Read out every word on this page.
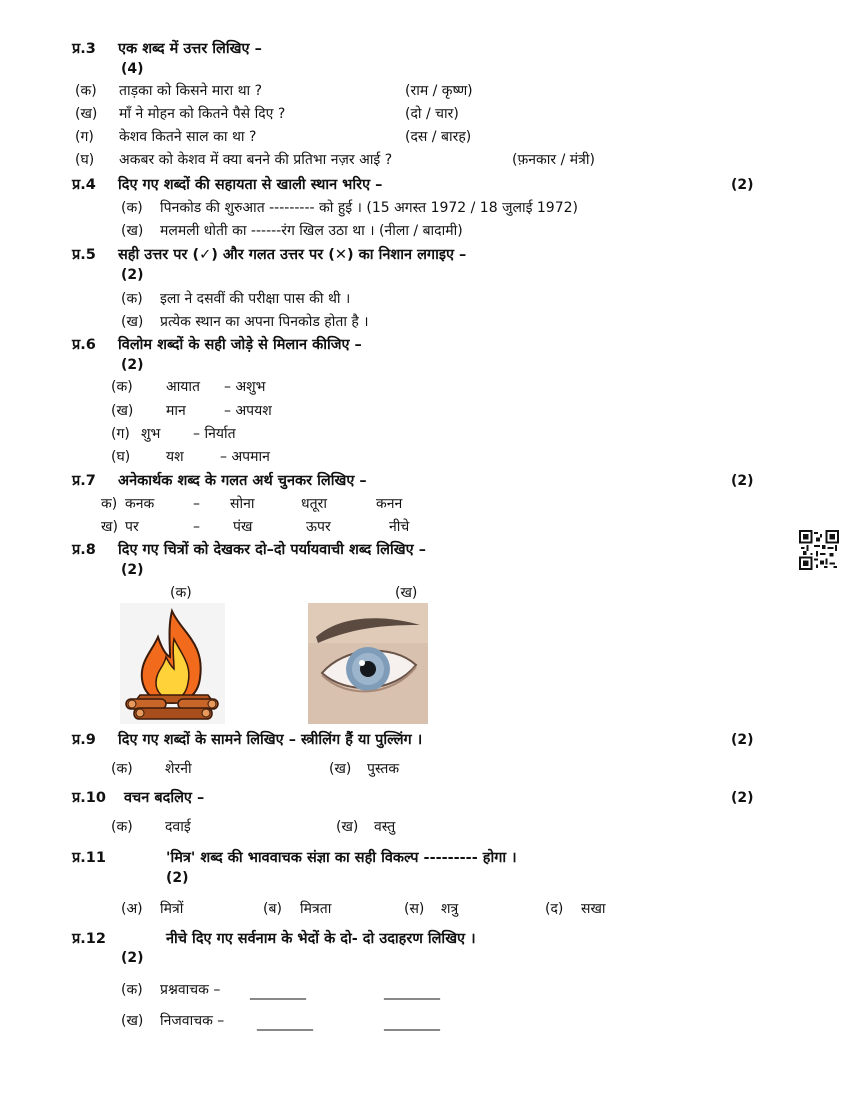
प्र.3 एक शब्द में उत्तर लिखिए –
(4)
(क) ताड़का को किसने मारा था ?	(राम / कृष्ण)
(ख) माँ ने मोहन को कितने पैसे दिए ?	(दो / चार)
(ग) केशव कितने साल का था ?	(दस / बारह)
(घ) अकबर को केशव में क्या बनने की प्रतिभा नज़र आई ?	(फ़नकार / मंत्री)
प्र.4 दिए गए शब्दों की सहायता से खाली स्थान भरिए –	(2)
(क) पिनकोड की शुरुआत --------- को हुई । (15 अगस्त 1972 / 18 जुलाई 1972)
(ख) मलमली धोती का ------रंग खिल उठा था । (नीला / बादामी)
प्र.5 सही उत्तर पर (✓) और गलत उत्तर पर (✕) का निशान लगाइए –
(2)
(क) इला ने दसवीं की परीक्षा पास की थी ।
(ख) प्रत्येक स्थान का अपना पिनकोड होता है ।
प्र.6 विलोम शब्दों के सही जोड़े से मिलान कीजिए –
(2)
(क) आयात – अशुभ
(ख) मान	– अपयश
(ग) शुभ – निर्यात
(घ)	यश	– अपमान
प्र.7 अनेकार्थक शब्द के गलत अर्थ चुनकर लिखिए –	(2)
क) कनक	– सोना	धतूरा	कनन
ख) पर	– पंख	ऊपर	नीचे
प्र.8 दिए गए चित्रों को देखकर दो–दो पर्यायवाची शब्द लिखिए –
(2)
(क)	(ख)
प्र.9 दिए गए शब्दों के सामने लिखिए – स्त्रीलिंग हैं या पुल्लिंग ।	(2)
(क) शेरनी	(ख) पुस्तक
प्र.10 वचन बदलिए –	(2)
(क) दवाई	(ख) वस्तु
प्र.11	'मित्र' शब्द की भाववाचक संज्ञा का सही विकल्प --------- होगा ।
(2)
(अ) मित्रों	(ब) मित्रता	(स) शत्रु	(द) सखा
प्र.12	नीचे दिए गए सर्वनाम के भेदों के दो- दो उदाहरण लिखिए ।
(2)
(क) प्रश्नवाचक – ________	________
(ख) निजवाचक – ________	________
